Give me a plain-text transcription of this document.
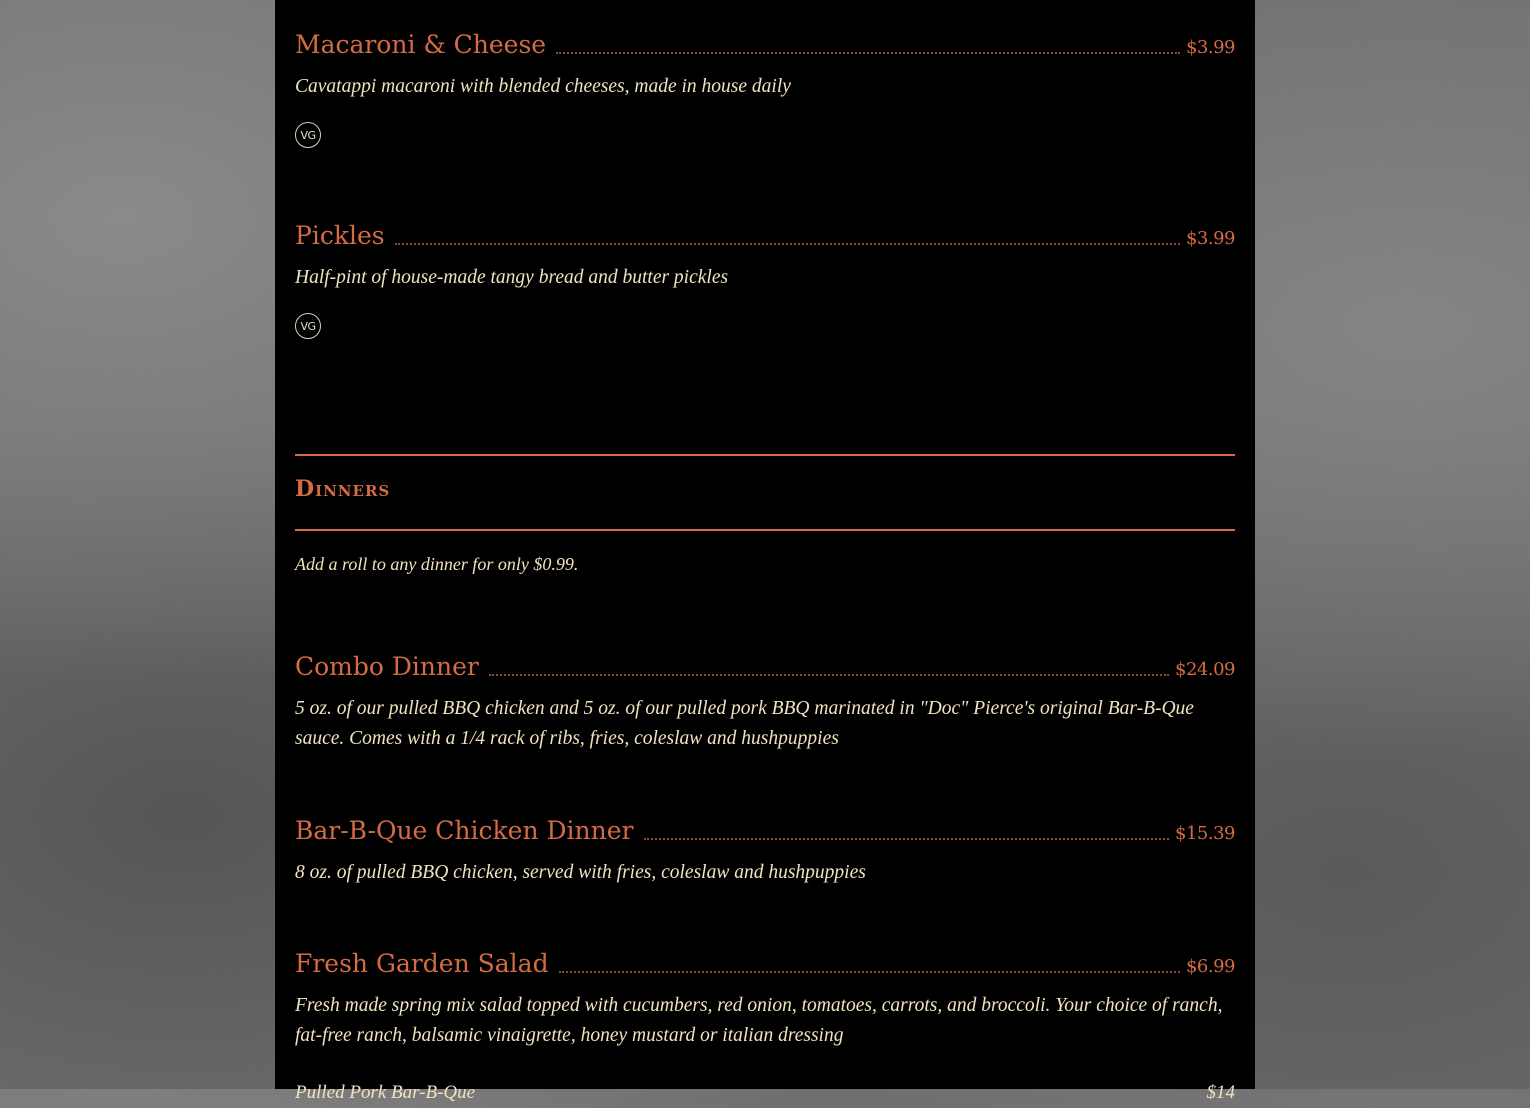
Macaroni & Cheese	$3.99
Cavatappi macaroni with blended cheeses, made in house daily
VG
Pickles	$3.99
Half-pint of house-made tangy bread and butter pickles
VG
Dinners
Add a roll to any dinner for only $0.99.
Combo Dinner	$24.09
5 oz. of our pulled BBQ chicken and 5 oz. of our pulled pork BBQ marinated in "Doc" Pierce's original Bar-B-Que sauce. Comes with a 1/4 rack of ribs, fries, coleslaw and hushpuppies
Bar-B-Que Chicken Dinner	$15.39
8 oz. of pulled BBQ chicken, served with fries, coleslaw and hushpuppies
Fresh Garden Salad	$6.99
Fresh made spring mix salad topped with cucumbers, red onion, tomatoes, carrots, and broccoli. Your choice of ranch, fat-free ranch, balsamic vinaigrette, honey mustard or italian dressing
Pulled Pork Bar-B-Que	$14
